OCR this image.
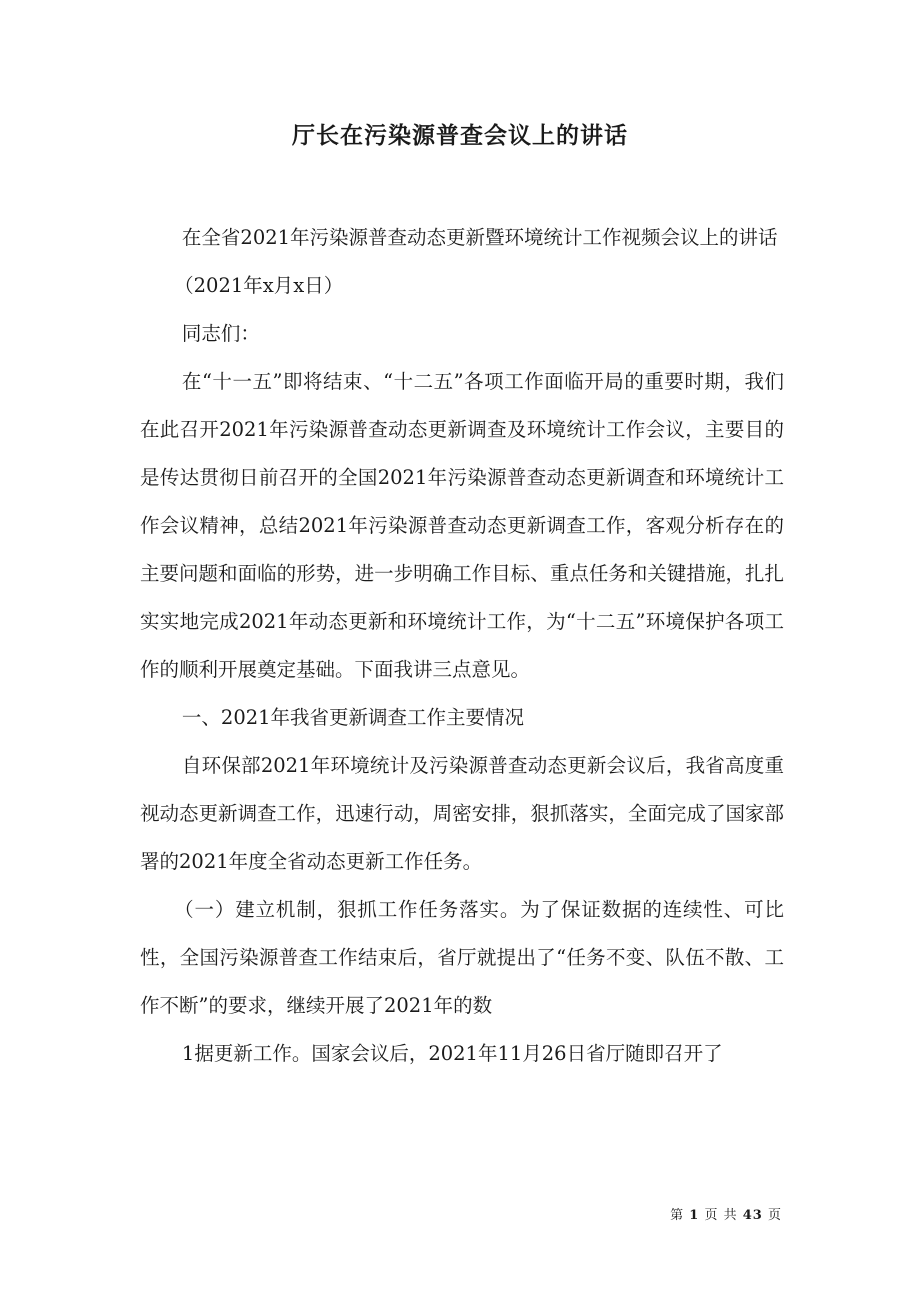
厅长在污染源普查会议上的讲话

在全省2021年污染源普查动态更新暨环境统计工作视频会议上的讲话

（2021年x月x日）

同志们：

在“十一五”即将结束、“十二五”各项工作面临开局的重要时期，我们在此召开2021年污染源普查动态更新调查及环境统计工作会议，主要目的是传达贯彻日前召开的全国2021年污染源普查动态更新调查和环境统计工作会议精神，总结2021年污染源普查动态更新调查工作，客观分析存在的主要问题和面临的形势，进一步明确工作目标、重点任务和关键措施，扎扎实实地完成2021年动态更新和环境统计工作，为“十二五”环境保护各项工作的顺利开展奠定基础。下面我讲三点意见。

一、2021年我省更新调查工作主要情况

自环保部2021年环境统计及污染源普查动态更新会议后，我省高度重视动态更新调查工作，迅速行动，周密安排，狠抓落实，全面完成了国家部署的2021年度全省动态更新工作任务。

（一）建立机制，狠抓工作任务落实。为了保证数据的连续性、可比性，全国污染源普查工作结束后，省厅就提出了“任务不变、队伍不散、工作不断”的要求，继续开展了2021年的数

1据更新工作。国家会议后，2021年11月26日省厅随即召开了

第 1 页 共 43 页
